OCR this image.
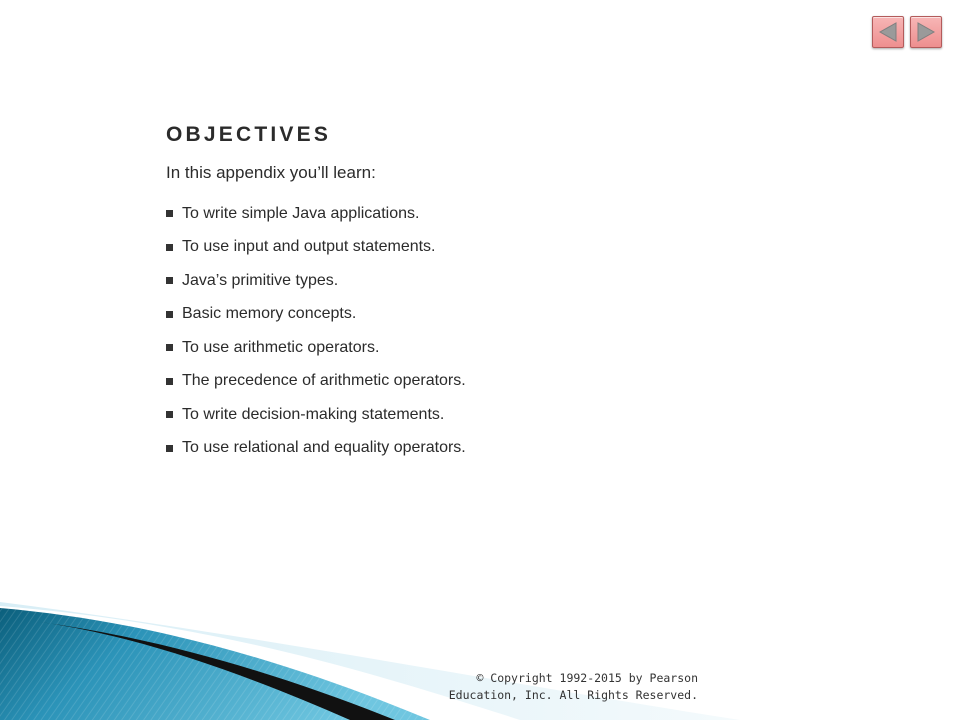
OBJECTIVES

In this appendix you’ll learn:

To write simple Java applications.
To use input and output statements.
Java’s primitive types.
Basic memory concepts.
To use arithmetic operators.
The precedence of arithmetic operators.
To write decision-making statements.
To use relational and equality operators.
© Copyright 1992-2015 by Pearson
Education, Inc. All Rights Reserved.
